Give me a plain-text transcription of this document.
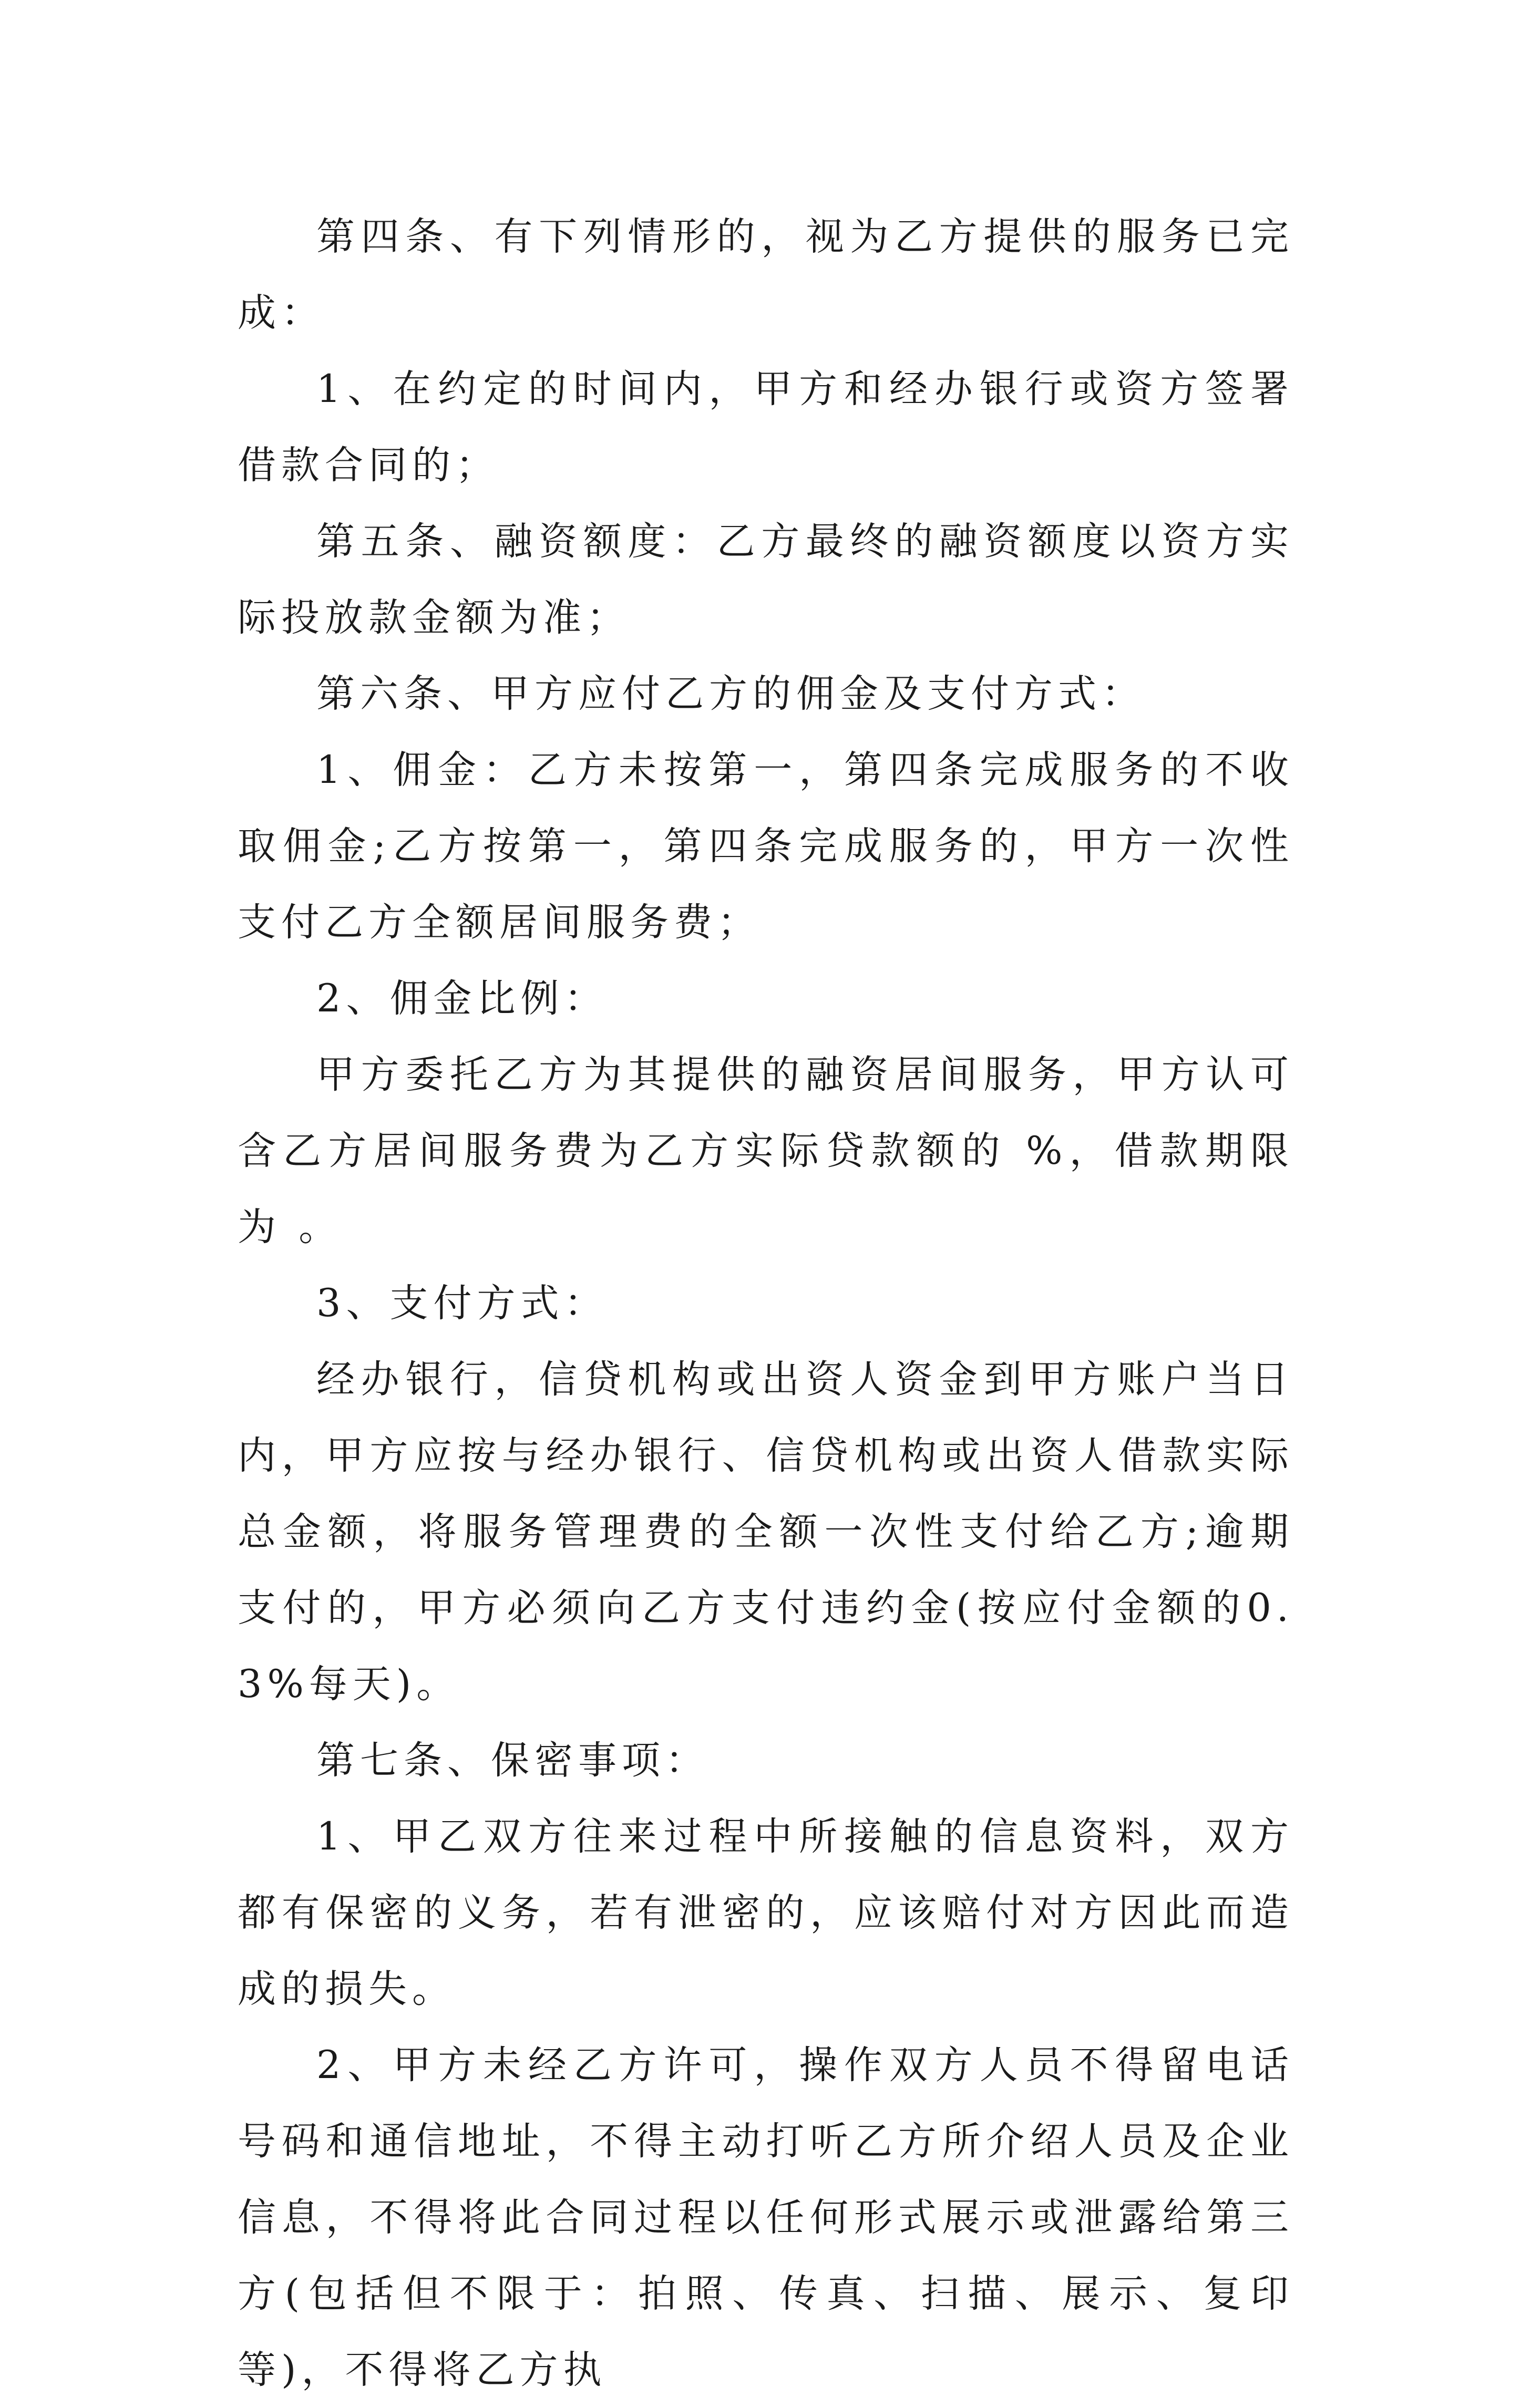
第四条、有下列情形的，视为乙方提供的服务已完成：

1、在约定的时间内，甲方和经办银行或资方签署借款合同的；

第五条、融资额度：乙方最终的融资额度以资方实际投放款金额为准；

第六条、甲方应付乙方的佣金及支付方式：

1、佣金：乙方未按第一，第四条完成服务的不收取佣金;乙方按第一，第四条完成服务的，甲方一次性支付乙方全额居间服务费；

2、佣金比例：

甲方委托乙方为其提供的融资居间服务，甲方认可含乙方居间服务费为乙方实际贷款额的 %，借款期限为 。

3、支付方式：

经办银行，信贷机构或出资人资金到甲方账户当日内，甲方应按与经办银行、信贷机构或出资人借款实际总金额，将服务管理费的全额一次性支付给乙方;逾期支付的，甲方必须向乙方支付违约金(按应付金额的0.3%每天)。

第七条、保密事项：

1、甲乙双方往来过程中所接触的信息资料，双方都有保密的义务，若有泄密的，应该赔付对方因此而造成的损失。

2、甲方未经乙方许可，操作双方人员不得留电话号码和通信地址，不得主动打听乙方所介绍人员及企业信息，不得将此合同过程以任何形式展示或泄露给第三方(包括但不限于：拍照、传真、扫描、展示、复印等)，不得将乙方执
